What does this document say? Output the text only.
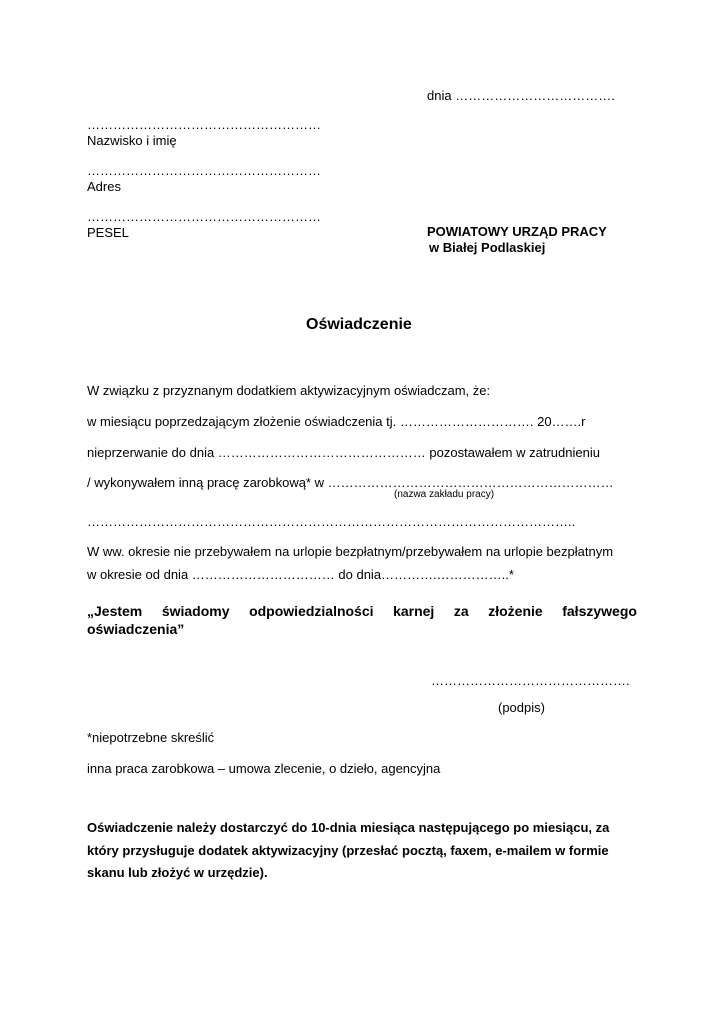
dnia ……………………………….
………………………………………………
Nazwisko i imię
………………………………………………
Adres
………………………………………………
PESEL	POWIATOWY URZĄD PRACY
w Białej Podlaskiej
Oświadczenie
W związku z przyznanym dodatkiem aktywizacyjnym oświadczam, że:
w miesiącu poprzedzającym złożenie oświadczenia tj. …………………………. 20…….r
nieprzerwanie do dnia ………………………………………… pozostawałem w zatrudnieniu
/ wykonywałem inną pracę zarobkową* w …………………………………………………………
(nazwa zakładu pracy)
…………………………………………………………………………………………………..
W ww. okresie nie przebywałem na urlopie bezpłatnym/przebywałem na urlopie bezpłatnym
w okresie od dnia …………………………… do dnia………….……………..*
„Jestem świadomy odpowiedzialności karnej za złożenie fałszywego
oświadczenia”
……………………………………….
(podpis)
*niepotrzebne skreślić
inna praca zarobkowa – umowa zlecenie, o dzieło, agencyjna
Oświadczenie należy dostarczyć do 10-dnia miesiąca następującego po miesiącu, za
który przysługuje dodatek aktywizacyjny (przesłać pocztą, faxem, e-mailem w formie
skanu lub złożyć w urzędzie).
